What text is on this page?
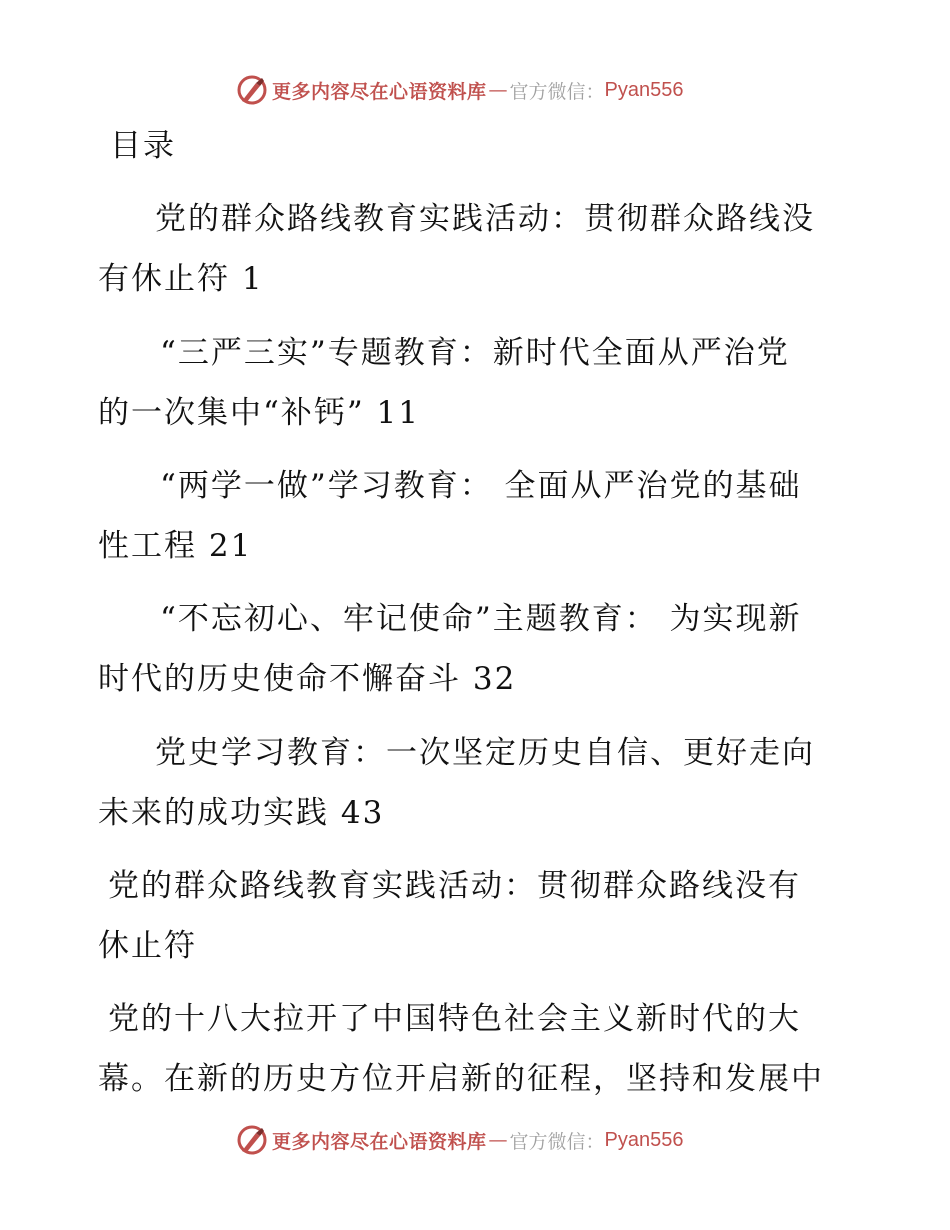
更多内容尽在心语资料库 — 官方微信： Pyan556
目录
党的群众路线教育实践活动：贯彻群众路线没
有休止符 1
“三严三实”专题教育：新时代全面从严治党
的一次集中“补钙” 11
“两学一做”学习教育： 全面从严治党的基础
性工程 21
“不忘初心、牢记使命”主题教育： 为实现新
时代的历史使命不懈奋斗 32
党史学习教育：一次坚定历史自信、更好走向
未来的成功实践 43
党的群众路线教育实践活动：贯彻群众路线没有
休止符
党的十八大拉开了中国特色社会主义新时代的大
幕。在新的历史方位开启新的征程，坚持和发展中
更多内容尽在心语资料库 — 官方微信： Pyan556
